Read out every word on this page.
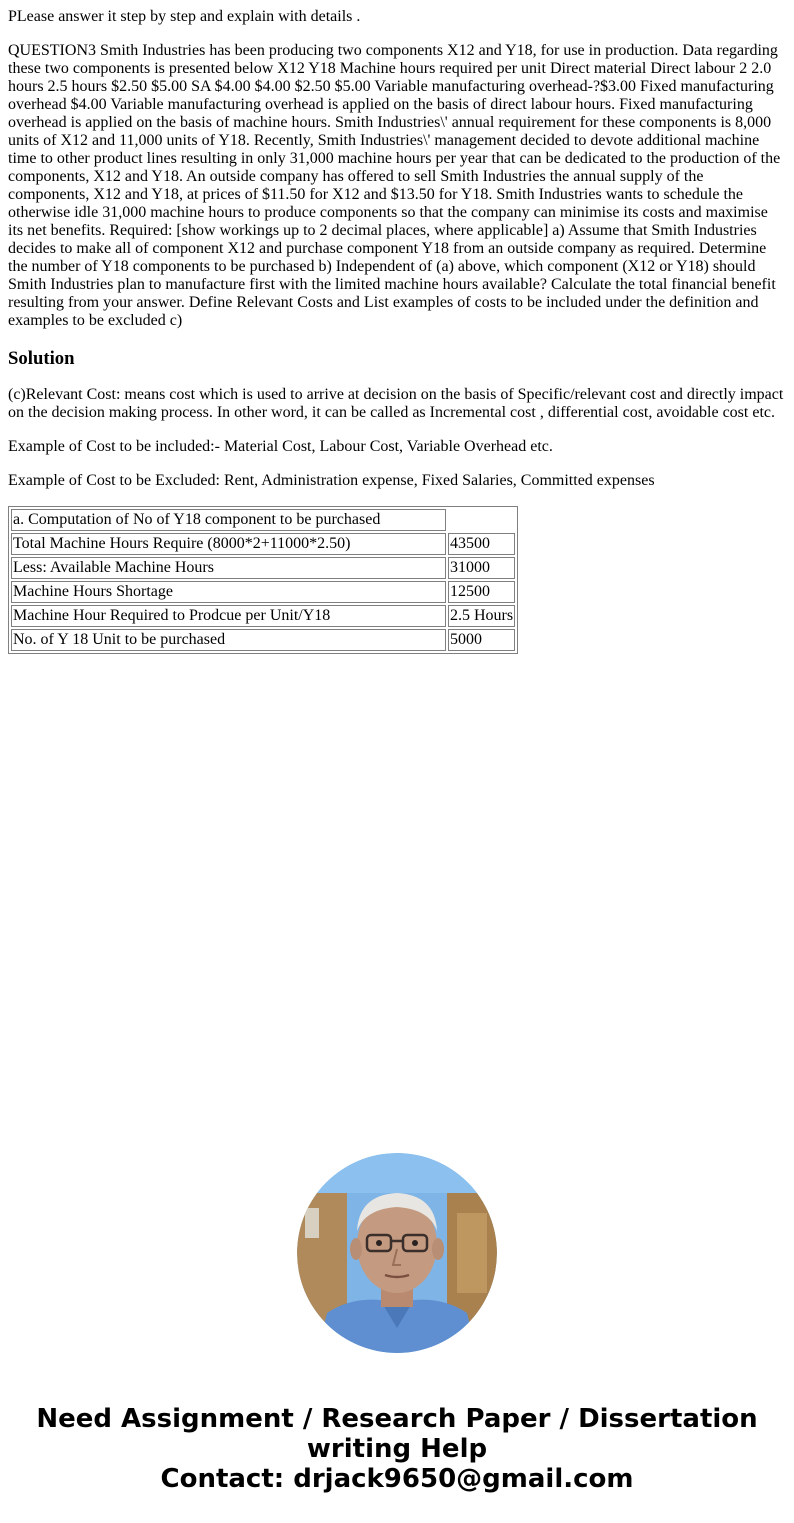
PLease answer it step by step and explain with details .

QUESTION3 Smith Industries has been producing two components X12 and Y18, for use in production. Data regarding these two components is presented below X12 Y18 Machine hours required per unit Direct material Direct labour 2 2.0 hours 2.5 hours $2.50 $5.00 SA $4.00 $4.00 $2.50 $5.00 Variable manufacturing overhead-?$3.00 Fixed manufacturing overhead $4.00 Variable manufacturing overhead is applied on the basis of direct labour hours. Fixed manufacturing overhead is applied on the basis of machine hours. Smith Industries\' annual requirement for these components is 8,000 units of X12 and 11,000 units of Y18. Recently, Smith Industries\' management decided to devote additional machine time to other product lines resulting in only 31,000 machine hours per year that can be dedicated to the production of the components, X12 and Y18. An outside company has offered to sell Smith Industries the annual supply of the components, X12 and Y18, at prices of $11.50 for X12 and $13.50 for Y18. Smith Industries wants to schedule the otherwise idle 31,000 machine hours to produce components so that the company can minimise its costs and maximise its net benefits. Required: [show workings up to 2 decimal places, where applicable] a) Assume that Smith Industries decides to make all of component X12 and purchase component Y18 from an outside company as required. Determine the number of Y18 components to be purchased b) Independent of (a) above, which component (X12 or Y18) should Smith Industries plan to manufacture first with the limited machine hours available? Calculate the total financial benefit resulting from your answer. Define Relevant Costs and List examples of costs to be included under the definition and examples to be excluded c)

Solution

(c)Relevant Cost: means cost which is used to arrive at decision on the basis of Specific/relevant cost and directly impact on the decision making process. In other word, it can be called as Incremental cost , differential cost, avoidable cost etc.

Example of Cost to be included:- Material Cost, Labour Cost, Variable Overhead etc.

Example of Cost to be Excluded: Rent, Administration expense, Fixed Salaries, Committed expenses

a. Computation of No of Y18 component to be purchased	
Total Machine Hours Require (8000*2+11000*2.50)	43500
Less: Available Machine Hours	31000
Machine Hours Shortage	12500
Machine Hour Required to Prodcue per Unit/Y18	2.5 Hours
No. of Y 18 Unit to be purchased	5000
Need Assignment / Research Paper / Dissertation
writing Help
Contact: drjack9650@gmail.com
